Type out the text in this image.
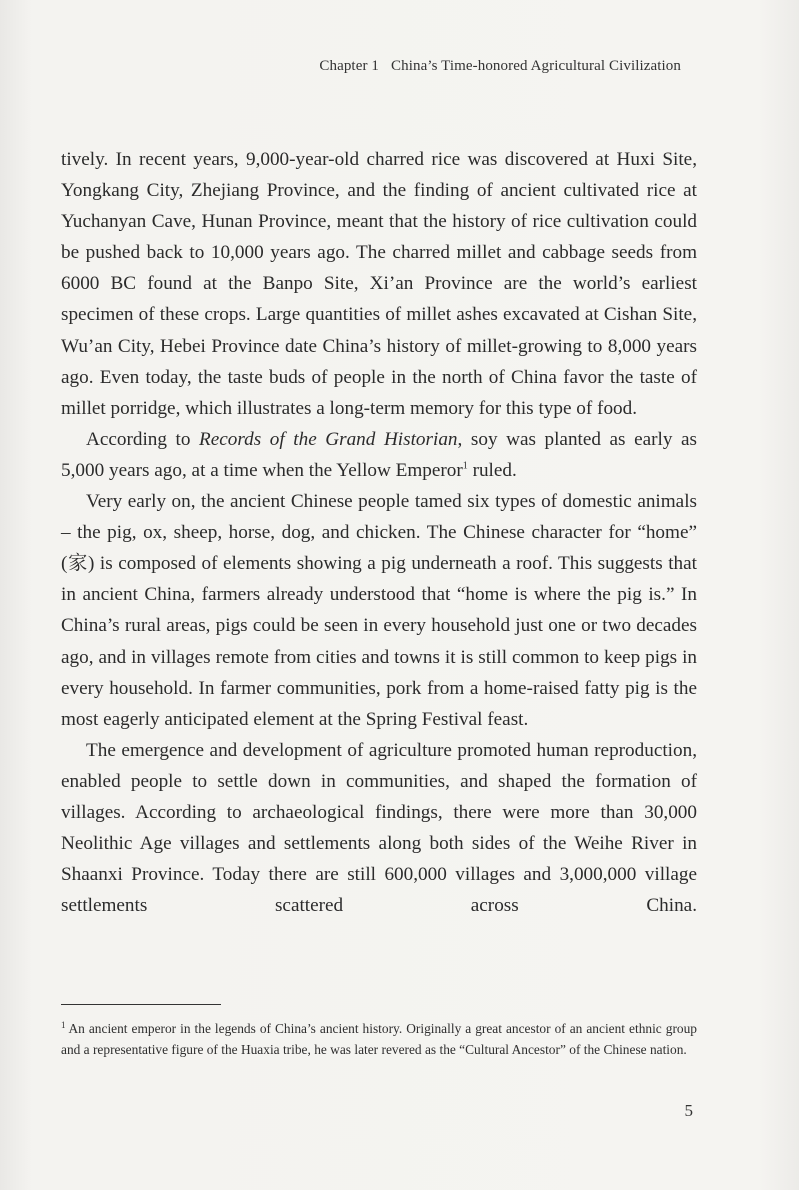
Chapter 1 China’s Time-honored Agricultural Civilization

tively. In recent years, 9,000-year-old charred rice was discovered at Huxi Site, Yongkang City, Zhejiang Province, and the finding of ancient cultivated rice at Yuchanyan Cave, Hunan Province, meant that the history of rice cultivation could be pushed back to 10,000 years ago. The charred millet and cabbage seeds from 6000 BC found at the Banpo Site, Xi’an Province are the world’s earliest specimen of these crops. Large quantities of millet ashes excavated at Cishan Site, Wu’an City, Hebei Province date China’s history of millet-growing to 8,000 years ago. Even today, the taste buds of people in the north of China favor the taste of millet porridge, which illustrates a long-term memory for this type of food.

According to Records of the Grand Historian, soy was planted as early as 5,000 years ago, at a time when the Yellow Emperor$^1$ ruled.

Very early on, the ancient Chinese people tamed six types of domestic animals – the pig, ox, sheep, horse, dog, and chicken. The Chinese character for “home” (家) is composed of elements showing a pig underneath a roof. This suggests that in ancient China, farmers already understood that “home is where the pig is.” In China’s rural areas, pigs could be seen in every household just one or two decades ago, and in villages remote from cities and towns it is still common to keep pigs in every household. In farmer communities, pork from a home-raised fatty pig is the most eagerly anticipated element at the Spring Festival feast.

The emergence and development of agriculture promoted human reproduction, enabled people to settle down in communities, and shaped the formation of villages. According to archaeological findings, there were more than 30,000 Neolithic Age villages and settlements along both sides of the Weihe River in Shaanxi Province. Today there are still 600,000 villages and 3,000,000 village settlements scattered across China.

$^1$ An ancient emperor in the legends of China’s ancient history. Originally a great ancestor of an ancient ethnic group and a representative figure of the Huaxia tribe, he was later revered as the “Cultural Ancestor” of the Chinese nation.
5
